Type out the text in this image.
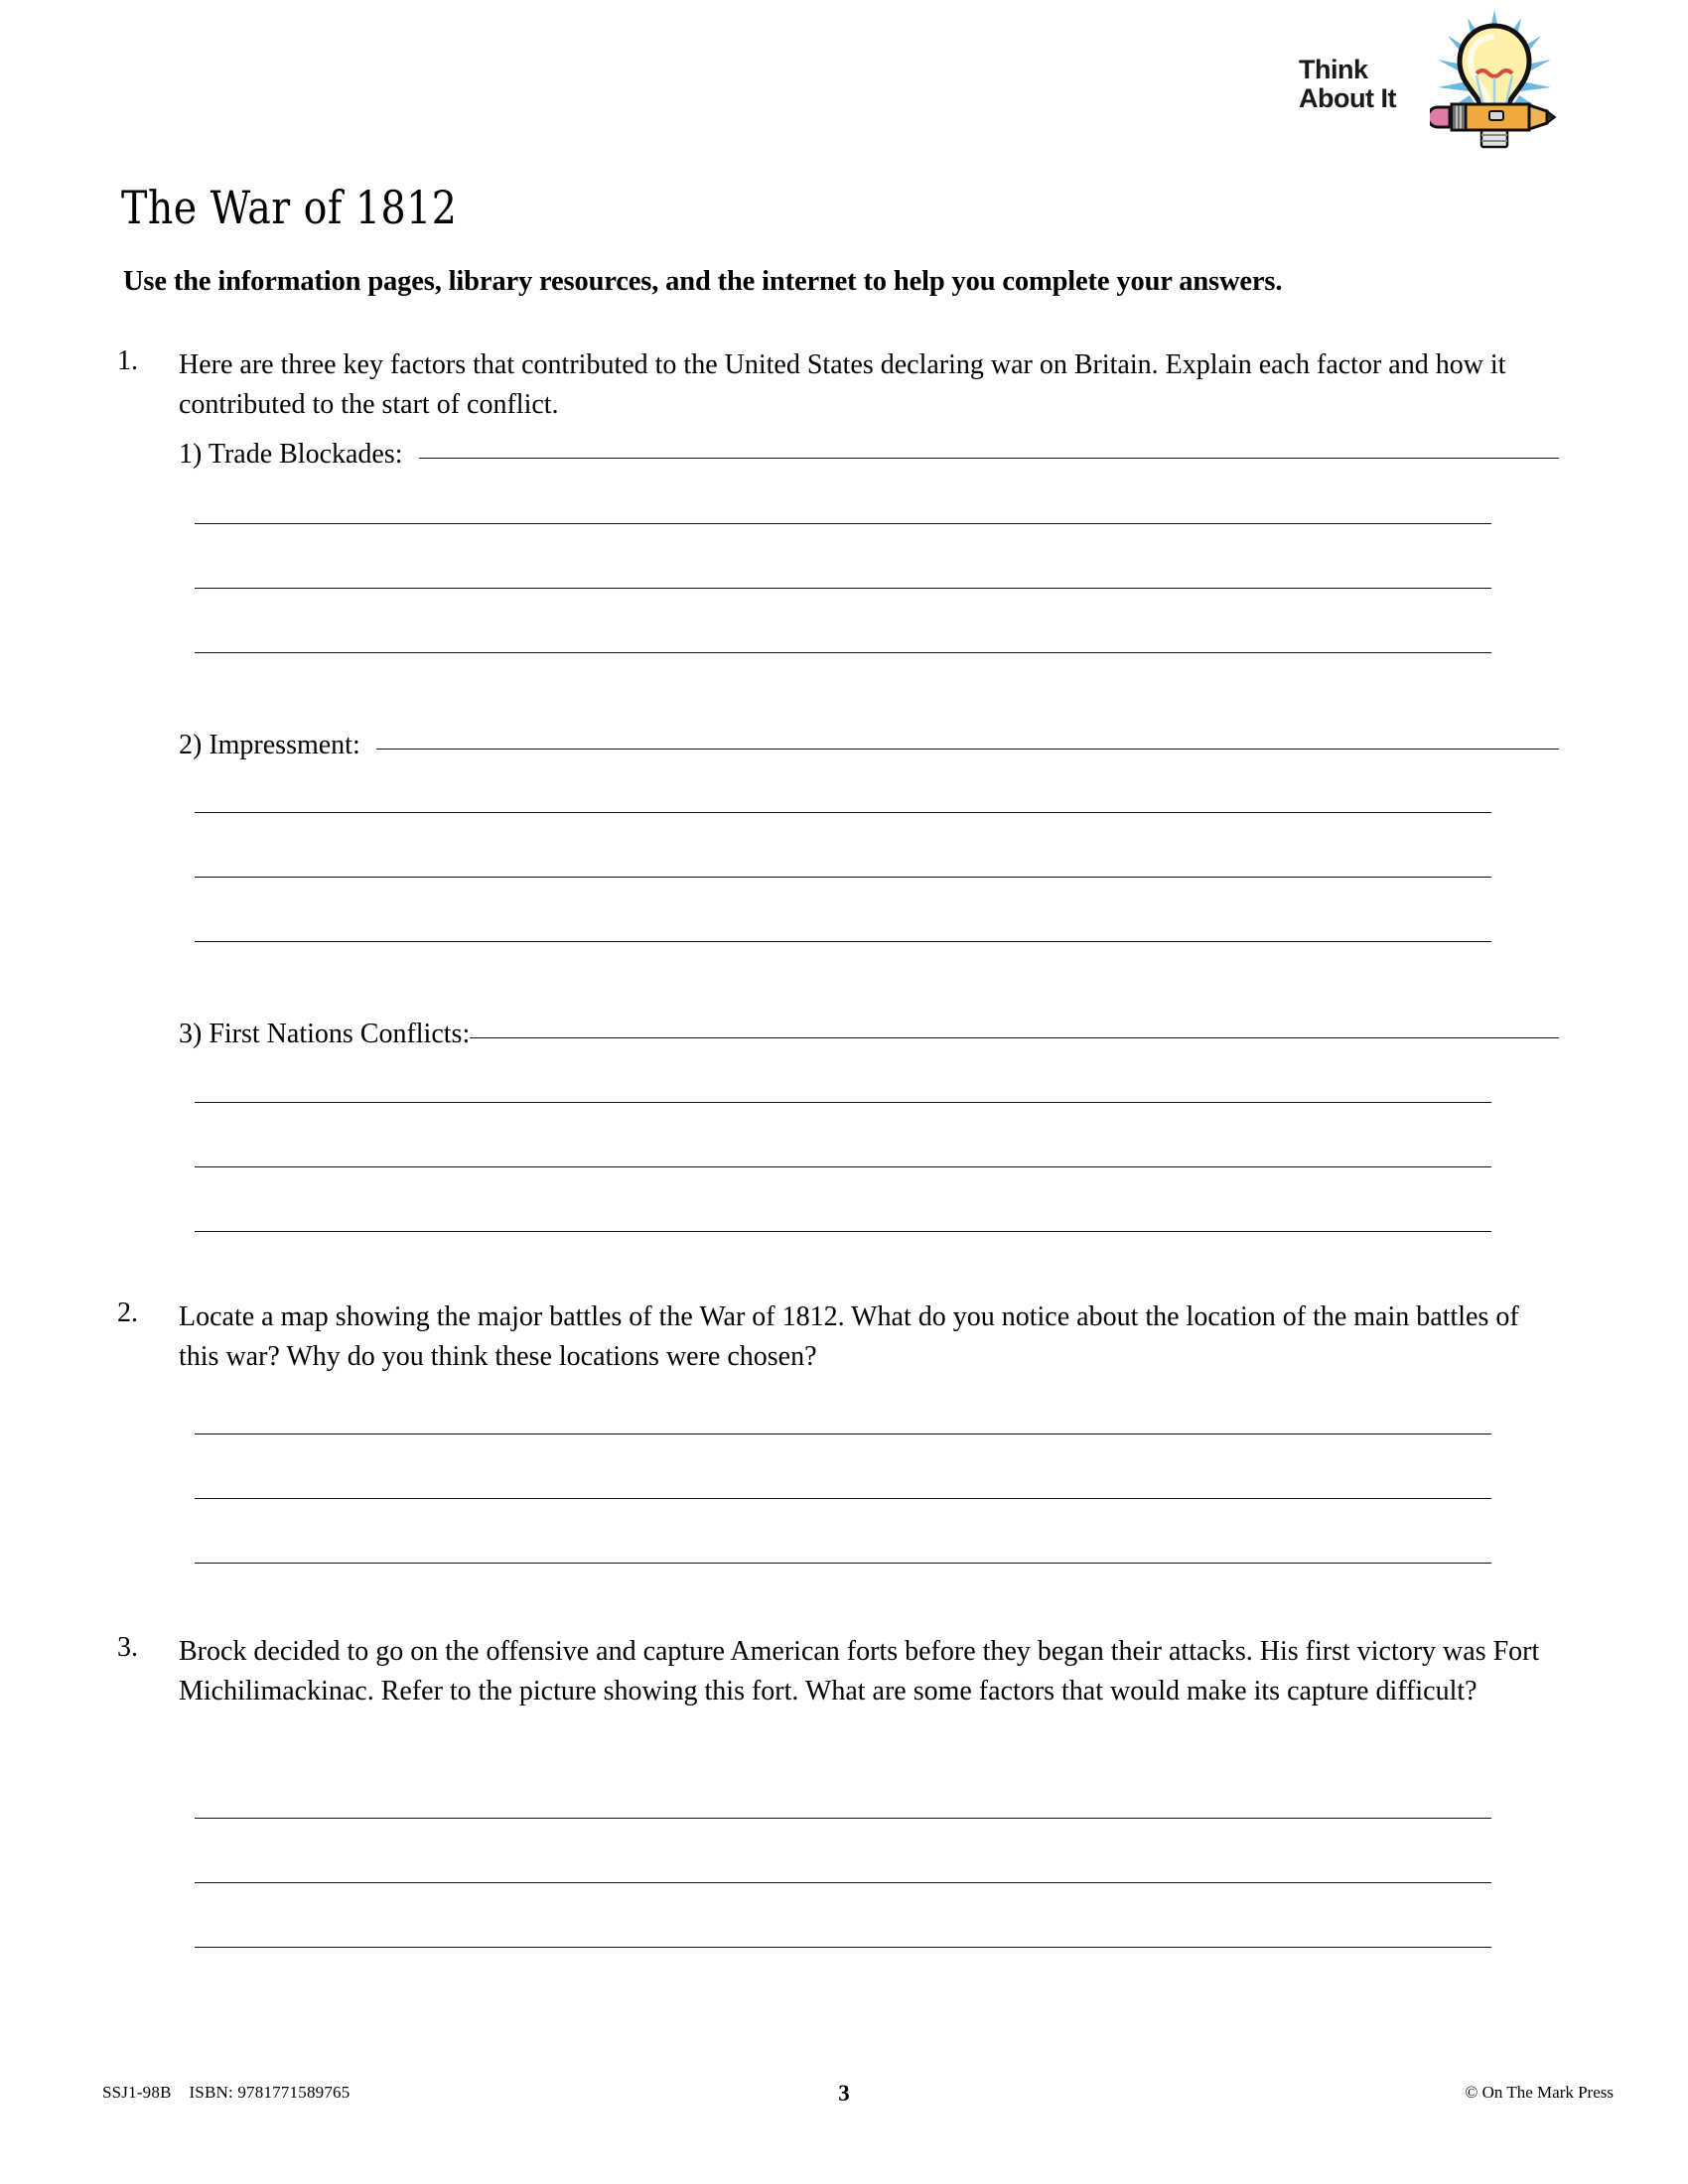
Think
About It
The War of 1812
Use the information pages, library resources, and the internet to help you complete your answers.
1.	Here are three key factors that contributed to the United States declaring war on Britain. Explain each factor and how it contributed to the start of conflict.
1) Trade Blockades:
2) Impressment:
3) First Nations Conflicts:
2.	Locate a map showing the major battles of the War of 1812. What do you notice about the location of the main battles of this war? Why do you think these locations were chosen?
3.	Brock decided to go on the offensive and capture American forts before they began their attacks. His first victory was Fort Michilimackinac. Refer to the picture showing this fort. What are some factors that would make its capture difficult?
SSJ1-98B ISBN: 9781771589765	3	© On The Mark Press
